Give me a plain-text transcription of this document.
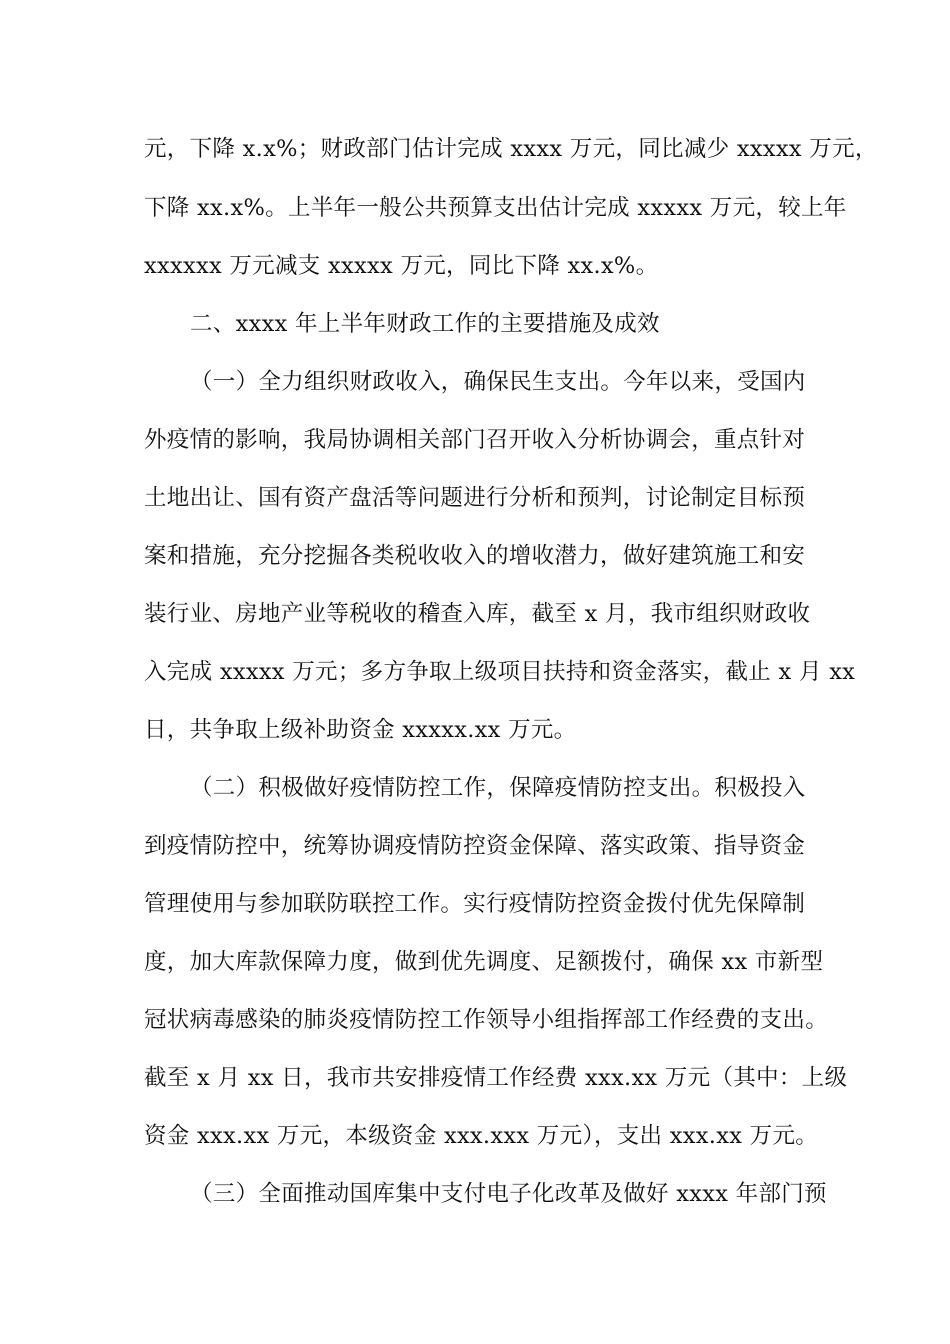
元，下降 x.x%；财政部门估计完成 xxxx 万元，同比减少 xxxxx 万元，
下降 xx.x%。上半年一般公共预算支出估计完成 xxxxx 万元，较上年
xxxxxx 万元减支 xxxxx 万元，同比下降 xx.x%。
二、xxxx 年上半年财政工作的主要措施及成效
（一）全力组织财政收入，确保民生支出。今年以来，受国内
外疫情的影响，我局协调相关部门召开收入分析协调会，重点针对
土地出让、国有资产盘活等问题进行分析和预判，讨论制定目标预
案和措施，充分挖掘各类税收收入的增收潜力，做好建筑施工和安
装行业、房地产业等税收的稽查入库，截至 x 月，我市组织财政收
入完成 xxxxx 万元；多方争取上级项目扶持和资金落实，截止 x 月 xx
日，共争取上级补助资金 xxxxx.xx 万元。
（二）积极做好疫情防控工作，保障疫情防控支出。积极投入
到疫情防控中，统筹协调疫情防控资金保障、落实政策、指导资金
管理使用与参加联防联控工作。实行疫情防控资金拨付优先保障制
度，加大库款保障力度，做到优先调度、足额拨付，确保 xx 市新型
冠状病毒感染的肺炎疫情防控工作领导小组指挥部工作经费的支出。
截至 x 月 xx 日，我市共安排疫情工作经费 xxx.xx 万元（其中：上级
资金 xxx.xx 万元，本级资金 xxx.xxx 万元），支出 xxx.xx 万元。
（三）全面推动国库集中支付电子化改革及做好 xxxx 年部门预
